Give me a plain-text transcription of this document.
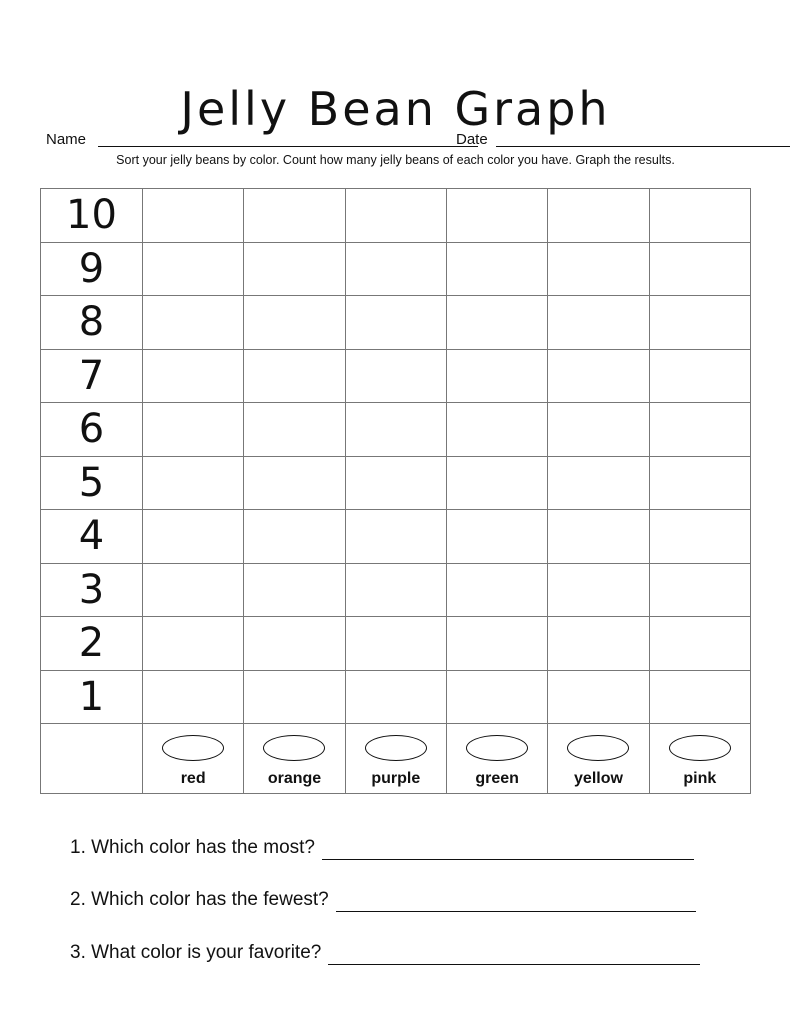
Jelly Bean Graph
Name	Date
Sort your jelly beans by color. Count how many jelly beans of each color you have. Graph the results.
10						
9						
8						
7						
6						
5						
4						
3						
2						
1						

	red	orange	purple	green	yellow	pink
1. Which color has the most?
2. Which color has the fewest?
3. What color is your favorite?
